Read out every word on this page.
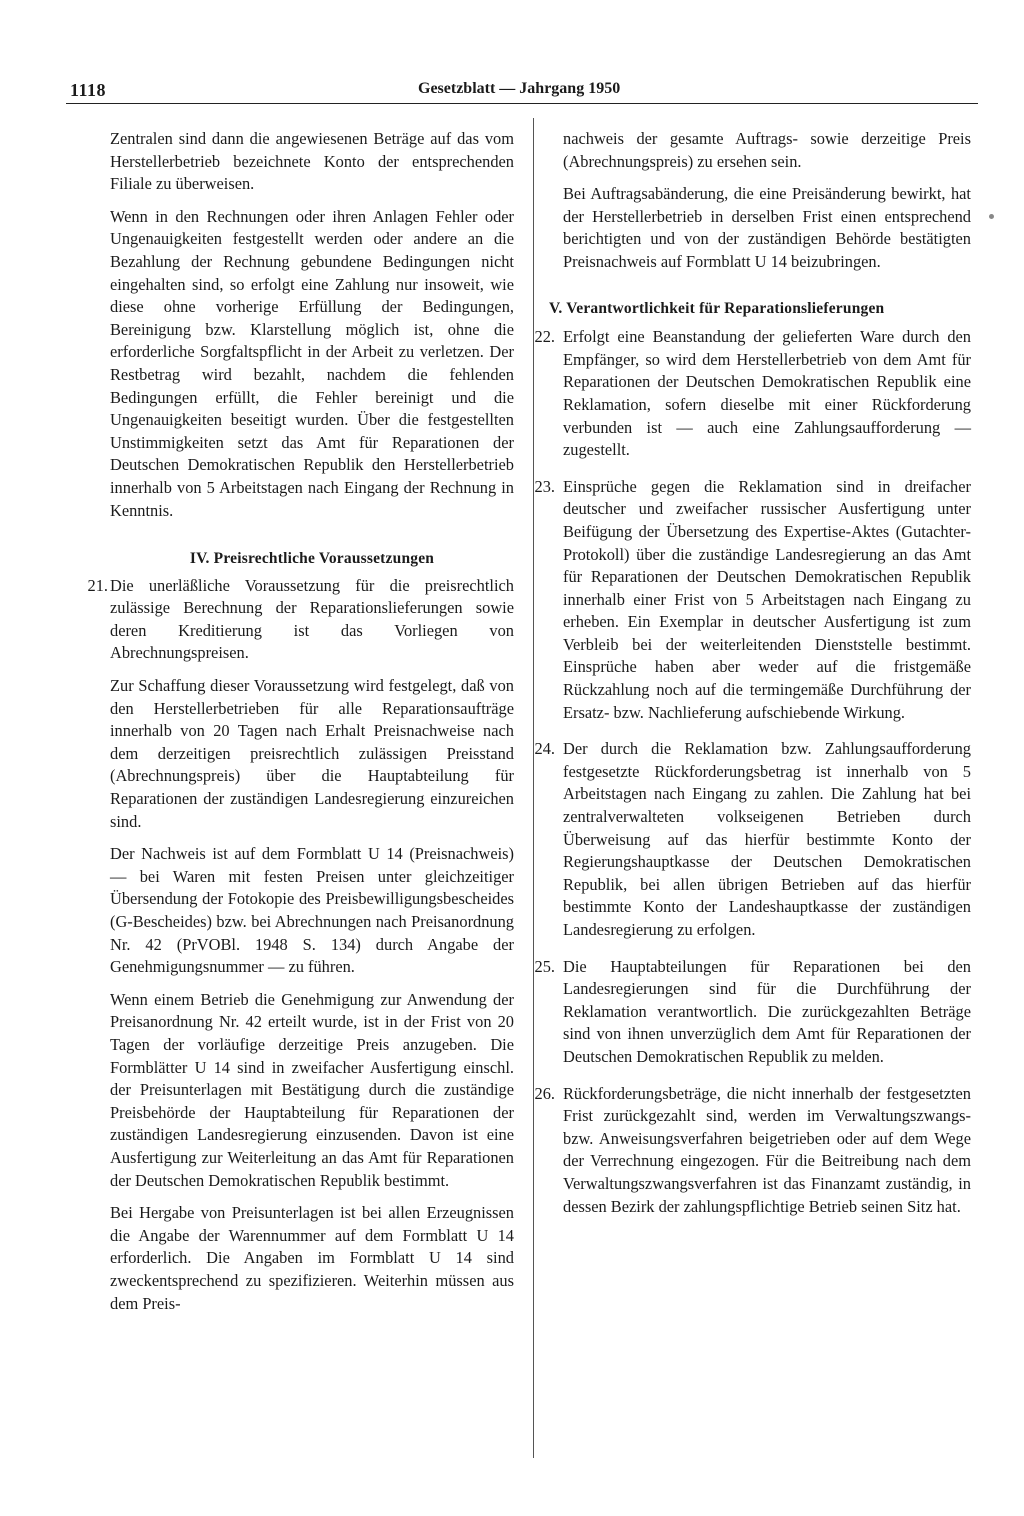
1118	Gesetzblatt — Jahrgang 1950

Zentralen sind dann die angewiesenen Beträge auf das vom Herstellerbetrieb bezeichnete Konto der entsprechenden Filiale zu überweisen.

Wenn in den Rechnungen oder ihren Anlagen Fehler oder Ungenauigkeiten festgestellt werden oder andere an die Bezahlung der Rechnung gebundene Bedingungen nicht eingehalten sind, so erfolgt eine Zahlung nur insoweit, wie diese ohne vorherige Erfüllung der Bedingungen, Bereinigung bzw. Klarstellung möglich ist, ohne die erforderliche Sorgfaltspflicht in der Arbeit zu verletzen. Der Restbetrag wird bezahlt, nachdem die fehlenden Bedingungen erfüllt, die Fehler bereinigt und die Ungenauigkeiten beseitigt wurden. Über die festgestellten Unstimmigkeiten setzt das Amt für Reparationen der Deutschen Demokratischen Republik den Herstellerbetrieb innerhalb von 5 Arbeitstagen nach Eingang der Rechnung in Kenntnis.

IV. Preisrechtliche Voraussetzungen
21. Die unerläßliche Voraussetzung für die preisrechtlich zulässige Berechnung der Reparationslieferungen sowie deren Kreditierung ist das Vorliegen von Abrechnungspreisen.

Zur Schaffung dieser Voraussetzung wird festgelegt, daß von den Herstellerbetrieben für alle Reparationsaufträge innerhalb von 20 Tagen nach Erhalt Preisnachweise nach dem derzeitigen preisrechtlich zulässigen Preisstand (Abrechnungspreis) über die Hauptabteilung für Reparationen der zuständigen Landesregierung einzureichen sind.

Der Nachweis ist auf dem Formblatt U 14 (Preisnachweis) — bei Waren mit festen Preisen unter gleichzeitiger Übersendung der Fotokopie des Preisbewilligungsbescheides (G-Bescheides) bzw. bei Abrechnungen nach Preisanordnung Nr. 42 (PrVOBl. 1948 S. 134) durch Angabe der Genehmigungsnummer — zu führen.

Wenn einem Betrieb die Genehmigung zur Anwendung der Preisanordnung Nr. 42 erteilt wurde, ist in der Frist von 20 Tagen der vorläufige derzeitige Preis anzugeben. Die Formblätter U 14 sind in zweifacher Ausfertigung einschl. der Preisunterlagen mit Bestätigung durch die zuständige Preisbehörde der Hauptabteilung für Reparationen der zuständigen Landesregierung einzusenden. Davon ist eine Ausfertigung zur Weiterleitung an das Amt für Reparationen der Deutschen Demokratischen Republik bestimmt.

Bei Hergabe von Preisunterlagen ist bei allen Erzeugnissen die Angabe der Warennummer auf dem Formblatt U 14 erforderlich. Die Angaben im Formblatt U 14 sind zweckentsprechend zu spezifizieren. Weiterhin müssen aus dem Preis-

nachweis der gesamte Auftrags- sowie derzeitige Preis (Abrechnungspreis) zu ersehen sein.

Bei Auftragsabänderung, die eine Preisänderung bewirkt, hat der Herstellerbetrieb in derselben Frist einen entsprechend berichtigten und von der zuständigen Behörde bestätigten Preisnachweis auf Formblatt U 14 beizubringen.

V. Verantwortlichkeit für Reparationslieferungen
22. Erfolgt eine Beanstandung der gelieferten Ware durch den Empfänger, so wird dem Herstellerbetrieb von dem Amt für Reparationen der Deutschen Demokratischen Republik eine Reklamation, sofern dieselbe mit einer Rückforderung verbunden ist — auch eine Zahlungsaufforderung — zugestellt.

23. Einsprüche gegen die Reklamation sind in dreifacher deutscher und zweifacher russischer Ausfertigung unter Beifügung der Übersetzung des Expertise-Aktes (Gutachter-Protokoll) über die zuständige Landesregierung an das Amt für Reparationen der Deutschen Demokratischen Republik innerhalb einer Frist von 5 Arbeitstagen nach Eingang zu erheben. Ein Exemplar in deutscher Ausfertigung ist zum Verbleib bei der weiterleitenden Dienststelle bestimmt. Einsprüche haben aber weder auf die fristgemäße Rückzahlung noch auf die termingemäße Durchführung der Ersatz- bzw. Nachlieferung aufschiebende Wirkung.

24. Der durch die Reklamation bzw. Zahlungsaufforderung festgesetzte Rückforderungsbetrag ist innerhalb von 5 Arbeitstagen nach Eingang zu zahlen. Die Zahlung hat bei zentralverwalteten volkseigenen Betrieben durch Überweisung auf das hierfür bestimmte Konto der Regierungshauptkasse der Deutschen Demokratischen Republik, bei allen übrigen Betrieben auf das hierfür bestimmte Konto der Landeshauptkasse der zuständigen Landesregierung zu erfolgen.

25. Die Hauptabteilungen für Reparationen bei den Landesregierungen sind für die Durchführung der Reklamation verantwortlich. Die zurückgezahlten Beträge sind von ihnen unverzüglich dem Amt für Reparationen der Deutschen Demokratischen Republik zu melden.

26. Rückforderungsbeträge, die nicht innerhalb der festgesetzten Frist zurückgezahlt sind, werden im Verwaltungszwangs- bzw. Anweisungsverfahren beigetrieben oder auf dem Wege der Verrechnung eingezogen. Für die Beitreibung nach dem Verwaltungszwangsverfahren ist das Finanzamt zuständig, in dessen Bezirk der zahlungspflichtige Betrieb seinen Sitz hat.
